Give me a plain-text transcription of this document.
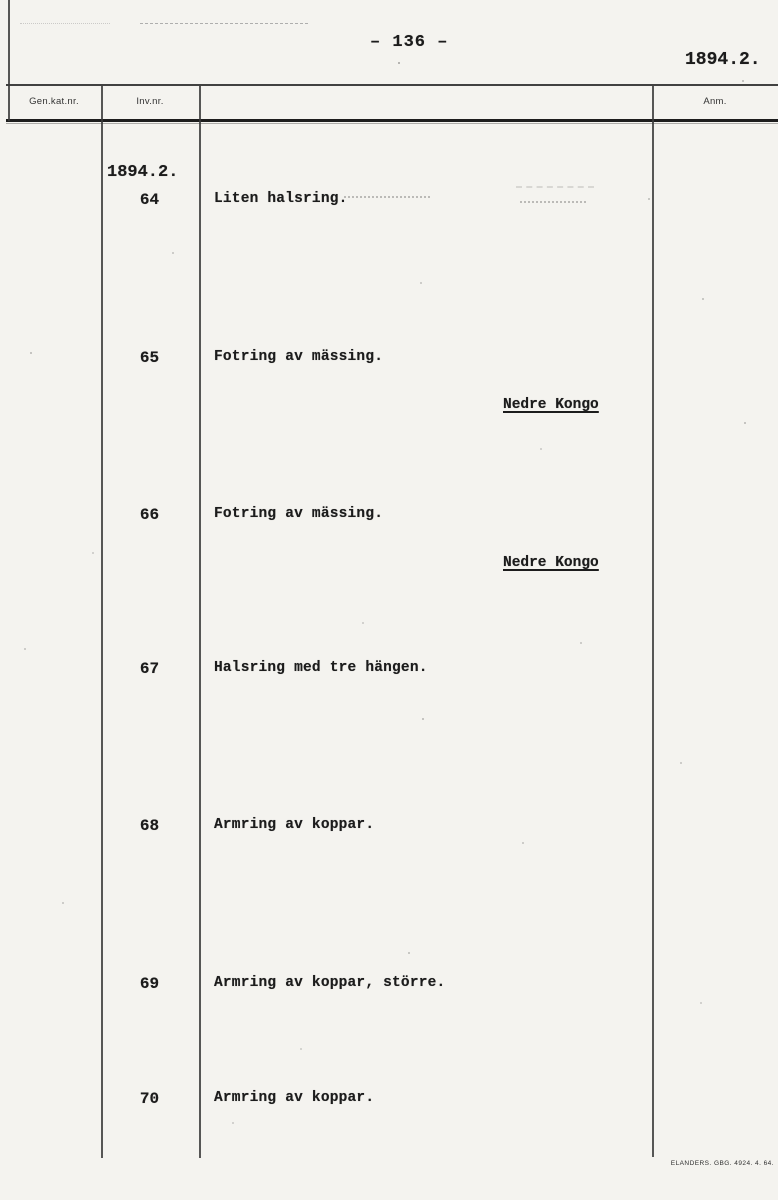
– 136 –
1894.2.
Gen.kat.nr.	Inv.nr.	Anm.
1894.2.
64	Liten halsring.
65	Fotring av mässing.
Nedre Kongo
66	Fotring av mässing.
Nedre Kongo
67	Halsring med tre hängen.
68	Armring av koppar.
69	Armring av koppar, större.
70	Armring av koppar.
ELANDERS. GBG. 4924. 4. 64.
